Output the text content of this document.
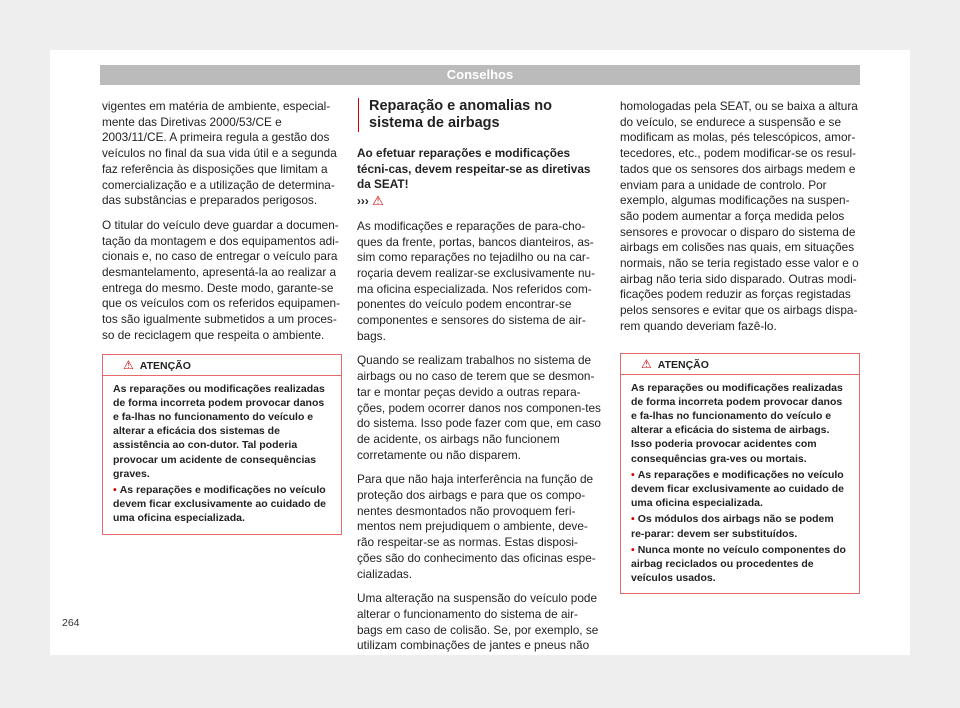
Conselhos

vigentes em matéria de ambiente, especial-mente das Diretivas 2000/53/CE e 2003/11/CE. A primeira regula a gestão dos veículos no final da sua vida útil e a segunda faz referência às disposições que limitam a comercialização e a utilização de determina-das substâncias e preparados perigosos.

O titular do veículo deve guardar a documen-tação da montagem e dos equipamentos adi-cionais e, no caso de entregar o veículo para desmantelamento, apresentá-la ao realizar a entrega do mesmo. Deste modo, garante-se que os veículos com os referidos equipamen-tos são igualmente submetidos a um proces-so de reciclagem que respeita o ambiente.

⚠ ATENÇÃO

As reparações ou modificações realizadas de forma incorreta podem provocar danos e fa-lhas no funcionamento do veículo e alterar a eficácia dos sistemas de assistência ao con-dutor. Tal poderia provocar um acidente de consequências graves.

• As reparações e modificações no veículo devem ficar exclusivamente ao cuidado de uma oficina especializada.

Reparação e anomalias no sistema de airbags

Ao efetuar reparações e modificações técni-cas, devem respeitar-se as diretivas da SEAT!
››› ⚠

As modificações e reparações de para-cho-ques da frente, portas, bancos dianteiros, as-sim como reparações no tejadilho ou na car-roçaria devem realizar-se exclusivamente nu-ma oficina especializada. Nos referidos com-ponentes do veículo podem encontrar-se componentes e sensores do sistema de air-bags.

Quando se realizam trabalhos no sistema de airbags ou no caso de terem que se desmon-tar e montar peças devido a outras repara-ções, podem ocorrer danos nos componen-tes do sistema. Isso pode fazer com que, em caso de acidente, os airbags não funcionem corretamente ou não disparem.

Para que não haja interferência na função de proteção dos airbags e para que os compo-nentes desmontados não provoquem feri-mentos nem prejudiquem o ambiente, deve-rão respeitar-se as normas. Estas disposi-ções são do conhecimento das oficinas espe-cializadas.

Uma alteração na suspensão do veículo pode alterar o funcionamento do sistema de air-bags em caso de colisão. Se, por exemplo, se utilizam combinações de jantes e pneus não

homologadas pela SEAT, ou se baixa a altura do veículo, se endurece a suspensão e se modificam as molas, pés telescópicos, amor-tecedores, etc., podem modificar-se os resul-tados que os sensores dos airbags medem e enviam para a unidade de controlo. Por exemplo, algumas modificações na suspen-são podem aumentar a força medida pelos sensores e provocar o disparo do sistema de airbags em colisões nas quais, em situações normais, não se teria registado esse valor e o airbag não teria sido disparado. Outras modi-ficações podem reduzir as forças registadas pelos sensores e evitar que os airbags dispa-rem quando deveriam fazê-lo.

⚠ ATENÇÃO

As reparações ou modificações realizadas de forma incorreta podem provocar danos e fa-lhas no funcionamento do veículo e alterar a eficácia do sistema de airbags. Isso poderia provocar acidentes com consequências gra-ves ou mortais.

• As reparações e modificações no veículo devem ficar exclusivamente ao cuidado de uma oficina especializada.

• Os módulos dos airbags não se podem re-parar: devem ser substituídos.

• Nunca monte no veículo componentes do airbag reciclados ou procedentes de veículos usados.

264
